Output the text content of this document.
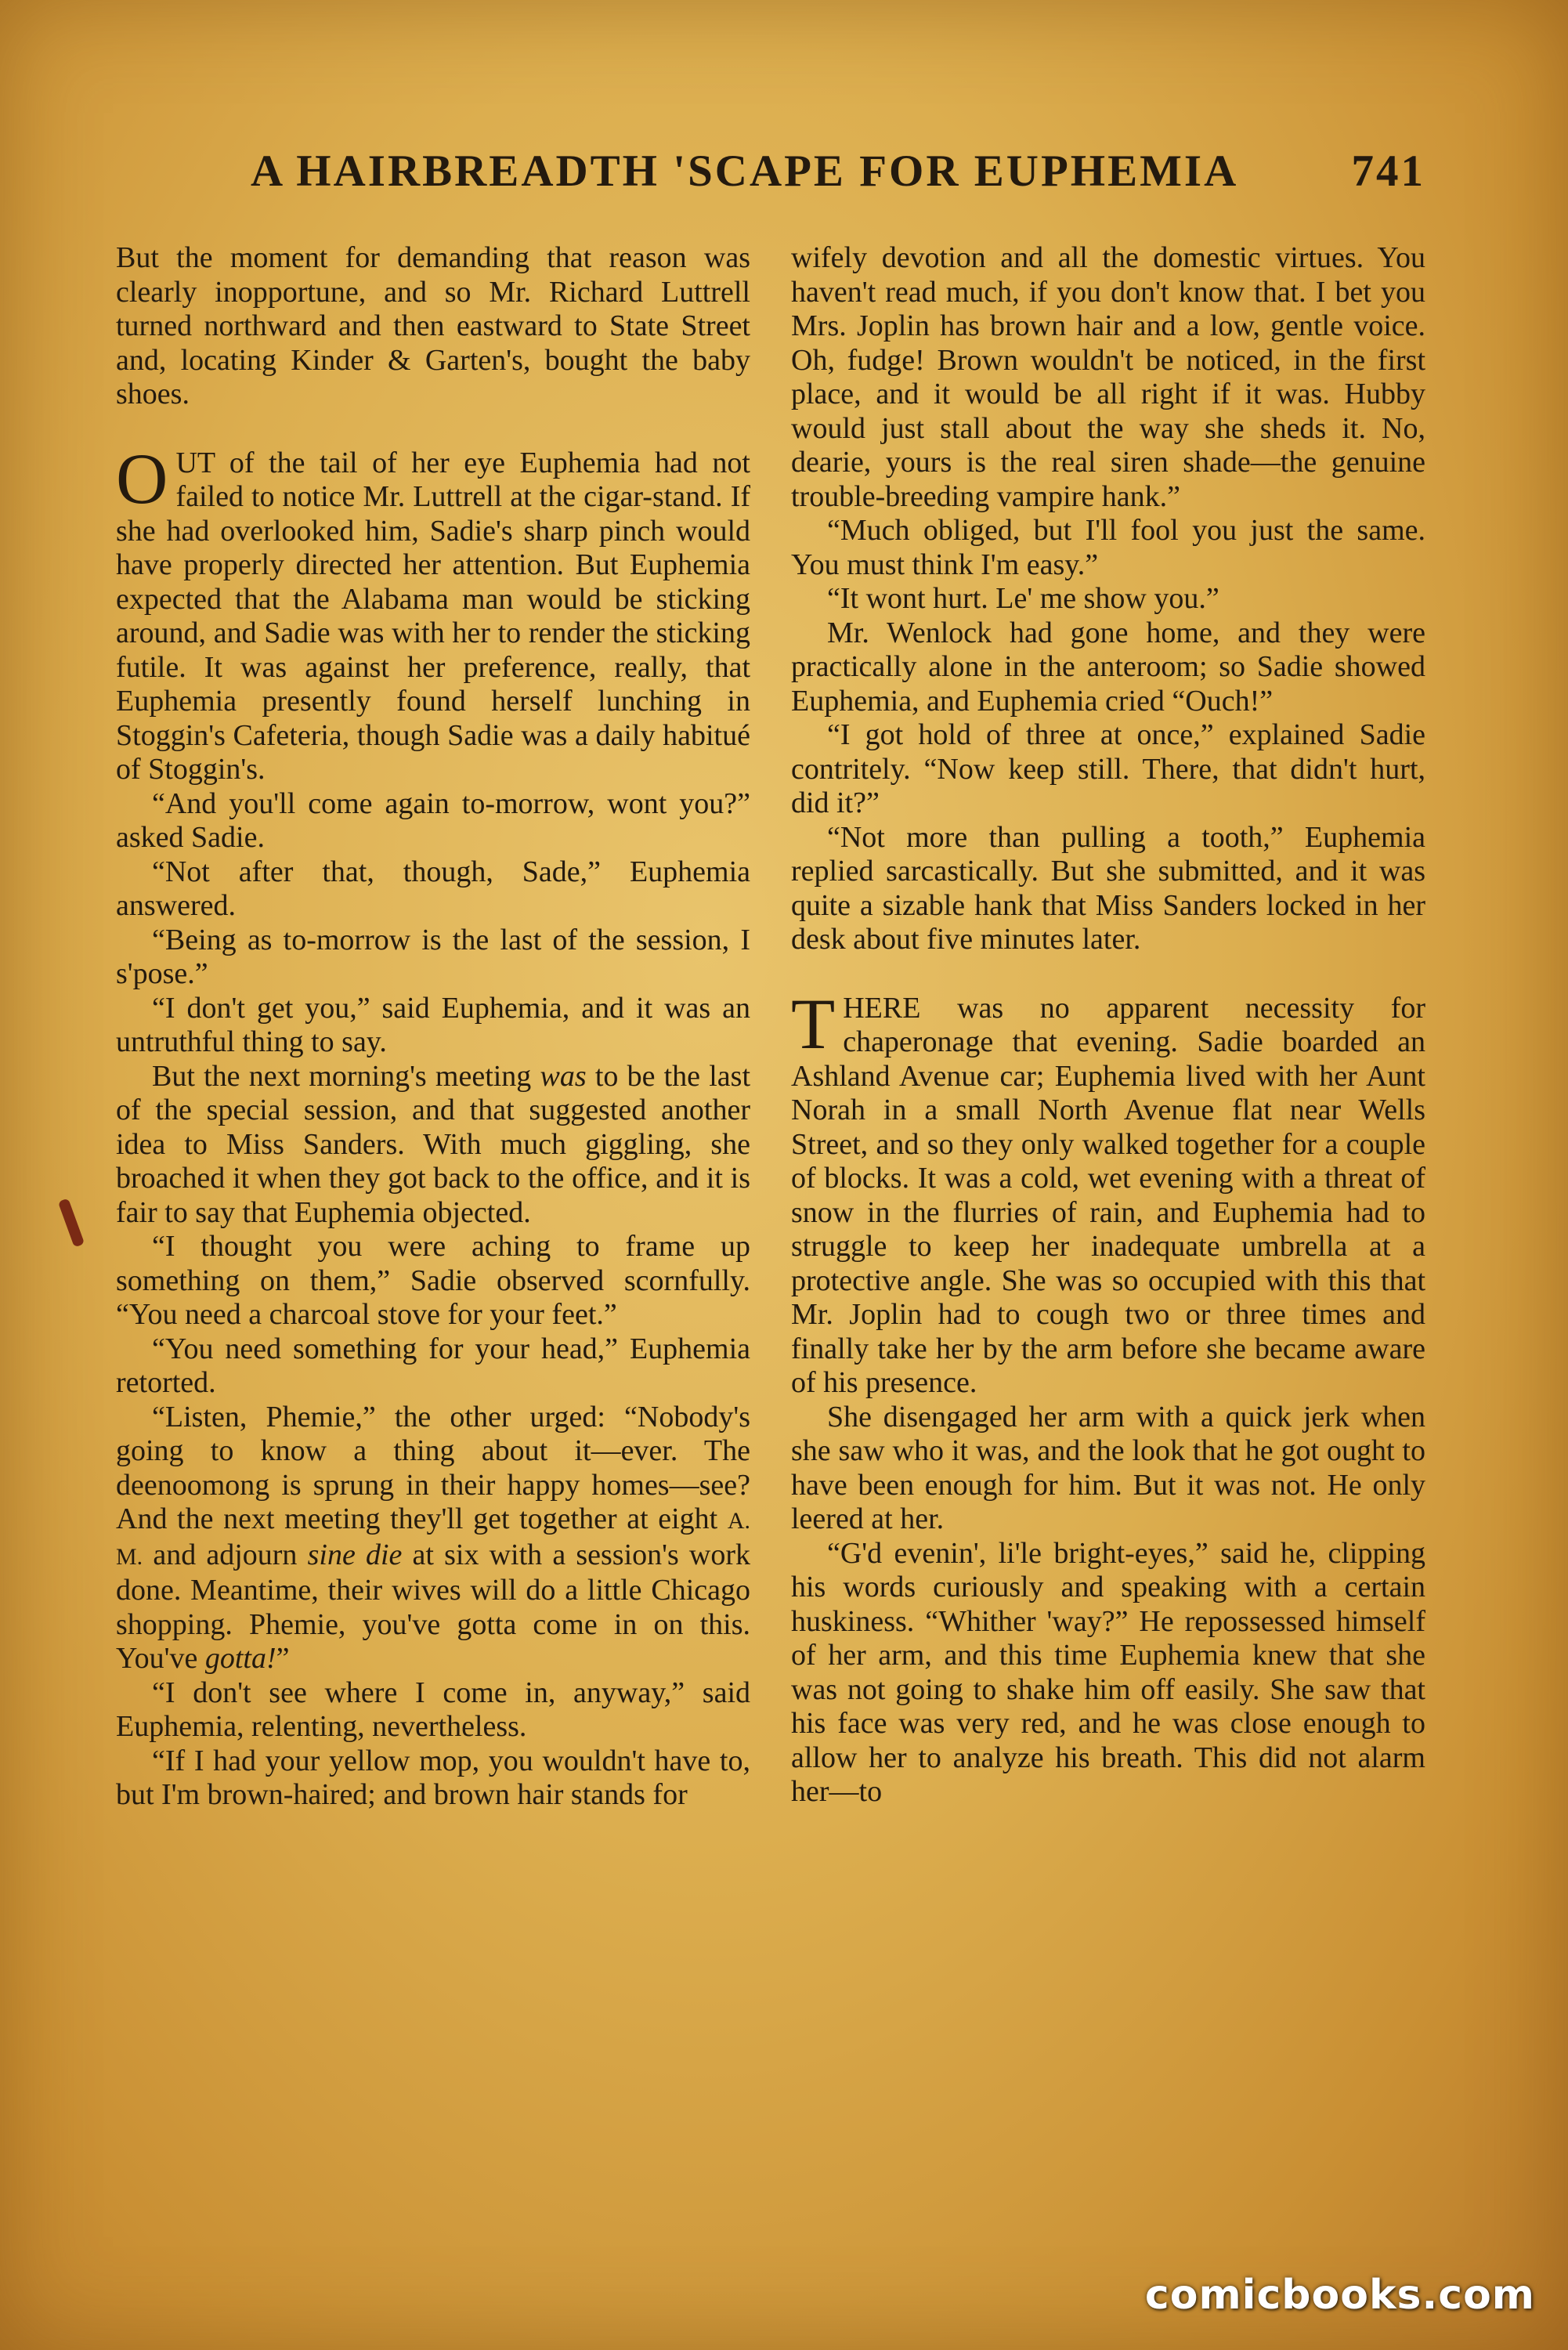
A HAIRBREADTH 'SCAPE FOR EUPHEMIA	741

But the moment for demanding that reason was clearly inopportune, and so Mr. Richard Luttrell turned northward and then eastward to State Street and, locating Kinder & Garten's, bought the baby shoes.

OUT of the tail of her eye Euphemia had not failed to notice Mr. Luttrell at the cigar-stand. If she had overlooked him, Sadie's sharp pinch would have properly directed her attention. But Euphemia expected that the Alabama man would be sticking around, and Sadie was with her to render the sticking futile. It was against her preference, really, that Euphemia presently found herself lunching in Stoggin's Cafeteria, though Sadie was a daily habitué of Stoggin's.

“And you'll come again to-morrow, wont you?” asked Sadie.

“Not after that, though, Sade,” Euphemia answered.

“Being as to-morrow is the last of the session, I s'pose.”

“I don't get you,” said Euphemia, and it was an untruthful thing to say.

But the next morning's meeting was to be the last of the special session, and that suggested another idea to Miss Sanders. With much giggling, she broached it when they got back to the office, and it is fair to say that Euphemia objected.

“I thought you were aching to frame up something on them,” Sadie observed scornfully. “You need a charcoal stove for your feet.”

“You need something for your head,” Euphemia retorted.

“Listen, Phemie,” the other urged: “Nobody's going to know a thing about it—ever. The deenoomong is sprung in their happy homes—see? And the next meeting they'll get together at eight A. M. and adjourn sine die at six with a session's work done. Meantime, their wives will do a little Chicago shopping. Phemie, you've gotta come in on this. You've gotta!”

“I don't see where I come in, anyway,” said Euphemia, relenting, nevertheless.

“If I had your yellow mop, you wouldn't have to, but I'm brown-haired; and brown hair stands for

wifely devotion and all the domestic virtues. You haven't read much, if you don't know that. I bet you Mrs. Joplin has brown hair and a low, gentle voice. Oh, fudge! Brown wouldn't be noticed, in the first place, and it would be all right if it was. Hubby would just stall about the way she sheds it. No, dearie, yours is the real siren shade—the genuine trouble-breeding vampire hank.”

“Much obliged, but I'll fool you just the same. You must think I'm easy.”

“It wont hurt. Le' me show you.”

Mr. Wenlock had gone home, and they were practically alone in the anteroom; so Sadie showed Euphemia, and Euphemia cried “Ouch!”

“I got hold of three at once,” explained Sadie contritely. “Now keep still. There, that didn't hurt, did it?”

“Not more than pulling a tooth,” Euphemia replied sarcastically. But she submitted, and it was quite a sizable hank that Miss Sanders locked in her desk about five minutes later.

THERE was no apparent necessity for chaperonage that evening. Sadie boarded an Ashland Avenue car; Euphemia lived with her Aunt Norah in a small North Avenue flat near Wells Street, and so they only walked together for a couple of blocks. It was a cold, wet evening with a threat of snow in the flurries of rain, and Euphemia had to struggle to keep her inadequate umbrella at a protective angle. She was so occupied with this that Mr. Joplin had to cough two or three times and finally take her by the arm before she became aware of his presence.

She disengaged her arm with a quick jerk when she saw who it was, and the look that he got ought to have been enough for him. But it was not. He only leered at her.

“G'd evenin', li'le bright-eyes,” said he, clipping his words curiously and speaking with a certain huskiness. “Whither 'way?” He repossessed himself of her arm, and this time Euphemia knew that she was not going to shake him off easily. She saw that his face was very red, and he was close enough to allow her to analyze his breath. This did not alarm her—to

comicbooks.com
